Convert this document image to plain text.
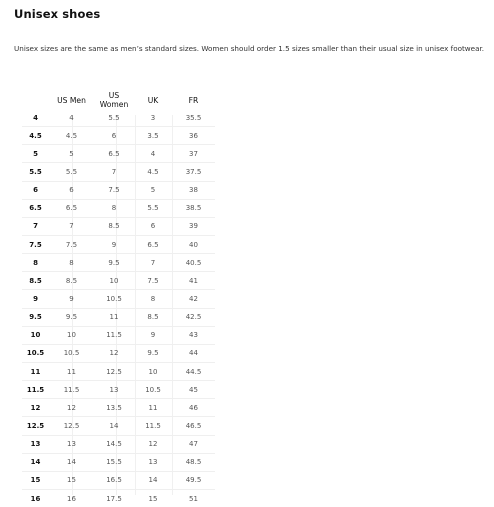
Unisex shoes

Unisex sizes are the same as men’s standard sizes. Women should order 1.5 sizes smaller than their usual size in unisex footwear.

	US Men	US Women	UK	FR
4	4	5.5	3	35.5
4.5	4.5	6	3.5	36
5	5	6.5	4	37
5.5	5.5	7	4.5	37.5
6	6	7.5	5	38
6.5	6.5	8	5.5	38.5
7	7	8.5	6	39
7.5	7.5	9	6.5	40
8	8	9.5	7	40.5
8.5	8.5	10	7.5	41
9	9	10.5	8	42
9.5	9.5	11	8.5	42.5
10	10	11.5	9	43
10.5	10.5	12	9.5	44
11	11	12.5	10	44.5
11.5	11.5	13	10.5	45
12	12	13.5	11	46
12.5	12.5	14	11.5	46.5
13	13	14.5	12	47
14	14	15.5	13	48.5
15	15	16.5	14	49.5
16	16	17.5	15	51
